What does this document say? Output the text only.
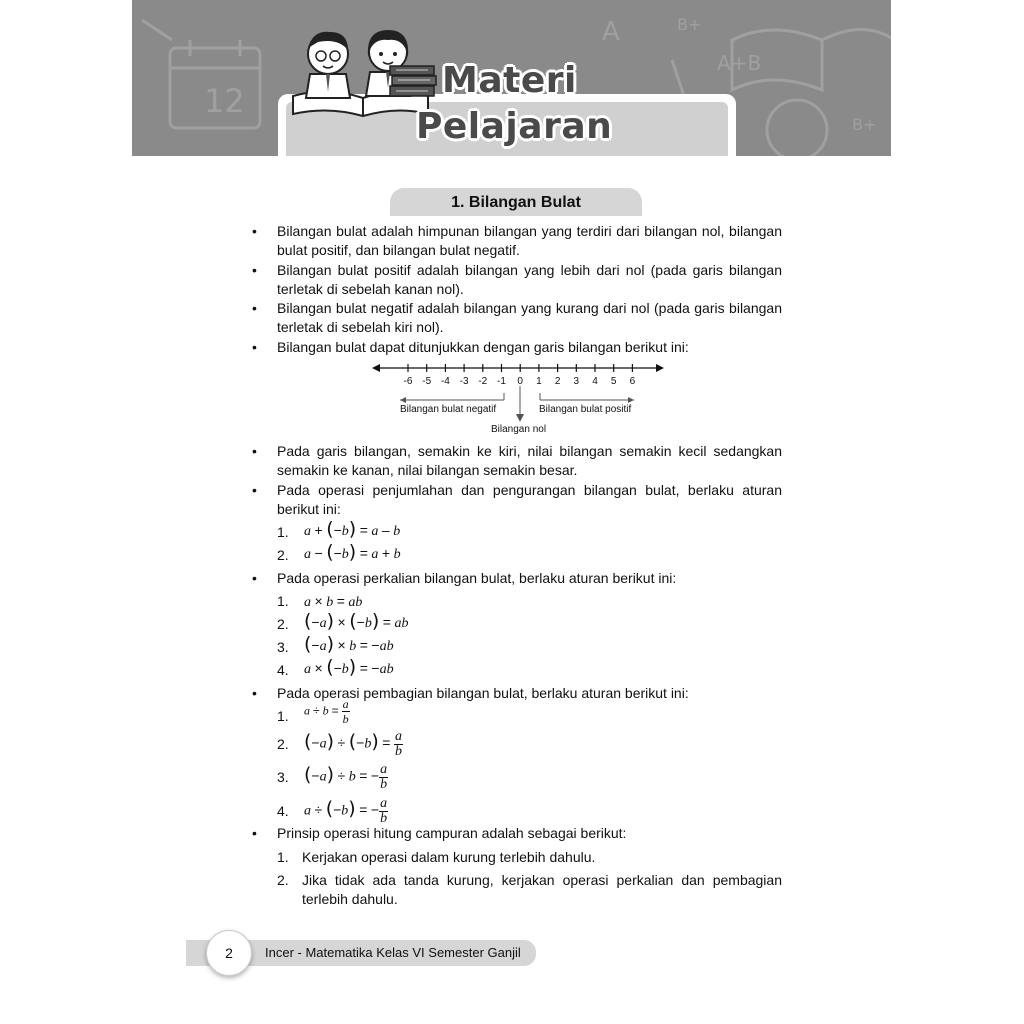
12
A+B
B+
B+
A
Materi
Pelajaran
1. Bilangan Bulat
• Bilangan bulat adalah himpunan bilangan yang terdiri dari bilangan nol, bilangan
bulat positif, dan bilangan bulat negatif.
• Bilangan bulat positif adalah bilangan yang lebih dari nol (pada garis bilangan
terletak di sebelah kanan nol).
• Bilangan bulat negatif adalah bilangan yang kurang dari nol (pada garis bilangan
terletak di sebelah kiri nol).
• Bilangan bulat dapat ditunjukkan dengan garis bilangan berikut ini:
-6 -5 -4 -3 -2 -1 0 1 2 3 4 5 6
Bilangan bulat negatif	Bilangan bulat positif
Bilangan nol
• Pada garis bilangan, semakin ke kiri, nilai bilangan semakin kecil sedangkan
semakin ke kanan, nilai bilangan semakin besar.
• Pada operasi penjumlahan dan pengurangan bilangan bulat, berlaku aturan
berikut ini:
1. a + (−b) = a – b
2. a − (−b) = a + b
• Pada operasi perkalian bilangan bulat, berlaku aturan berikut ini:
1. a × b = ab
2. (−a) × (−b) = ab
3. (−a) × b = −ab
4. a × (−b) = −ab
• Pada operasi pembagian bilangan bulat, berlaku aturan berikut ini:
1. $a \div b = \frac{a}{b}$
2. $(-a) \div (-b) = \frac{a}{b}$
3. (−a) ÷ b = − $\frac{a}{b}$
4. a ÷ (−b) = − $\frac{a}{b}$
• Prinsip operasi hitung campuran adalah sebagai berikut:
1. Kerjakan operasi dalam kurung terlebih dahulu.
2. Jika tidak ada tanda kurung, kerjakan operasi perkalian dan pembagian
terlebih dahulu.
2	Incer - Matematika Kelas VI Semester Ganjil
